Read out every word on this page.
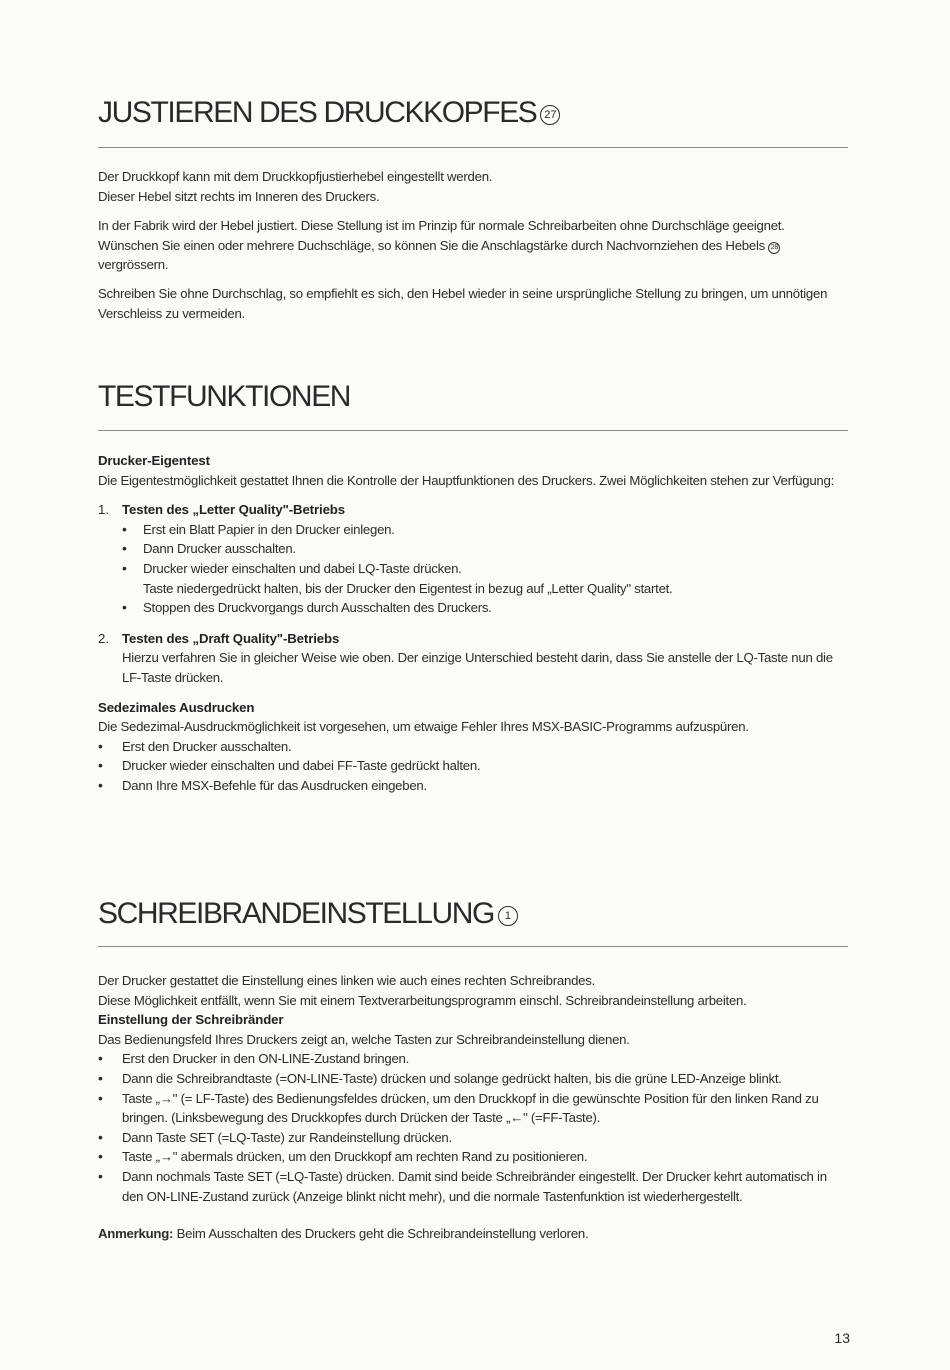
JUSTIEREN DES DRUCKKOPFES 27

Der Druckkopf kann mit dem Druckkopfjustierhebel eingestellt werden.

Dieser Hebel sitzt rechts im Inneren des Druckers.

In der Fabrik wird der Hebel justiert. Diese Stellung ist im Prinzip für normale Schreibarbeiten ohne Durchschläge geeignet. Wünschen Sie einen oder mehrere Duchschläge, so können Sie die Anschlagstärke durch Nachvornziehen des Hebels 28 vergrössern.

Schreiben Sie ohne Durchschlag, so empfiehlt es sich, den Hebel wieder in seine ursprüngliche Stellung zu bringen, um unnötigen Verschleiss zu vermeiden.

TESTFUNKTIONEN
Drucker-Eigentest

Die Eigentestmöglichkeit gestattet Ihnen die Kontrolle der Hauptfunktionen des Druckers. Zwei Möglichkeiten stehen zur Verfügung:

1. Testen des „Letter Quality"-Betriebs
• Erst ein Blatt Papier in den Drucker einlegen.
• Dann Drucker ausschalten.
• Drucker wieder einschalten und dabei LQ-Taste drücken.
Taste niedergedrückt halten, bis der Drucker den Eigentest in bezug auf „Letter Quality" startet.
• Stoppen des Druckvorgangs durch Ausschalten des Druckers.
2. Testen des „Draft Quality"-Betriebs

Hierzu verfahren Sie in gleicher Weise wie oben. Der einzige Unterschied besteht darin, dass Sie anstelle der LQ-Taste nun die LF-Taste drücken.

Sedezimales Ausdrucken

Die Sedezimal-Ausdruckmöglichkeit ist vorgesehen, um etwaige Fehler Ihres MSX-BASIC-Programms aufzuspüren.

• Erst den Drucker ausschalten.
• Drucker wieder einschalten und dabei FF-Taste gedrückt halten.
• Dann Ihre MSX-Befehle für das Ausdrucken eingeben.
SCHREIBRANDEINSTELLUNG 1

Der Drucker gestattet die Einstellung eines linken wie auch eines rechten Schreibrandes.

Diese Möglichkeit entfällt, wenn Sie mit einem Textverarbeitungsprogramm einschl. Schreibrandeinstellung arbeiten.

Einstellung der Schreibränder

Das Bedienungsfeld Ihres Druckers zeigt an, welche Tasten zur Schreibrandeinstellung dienen.

• Erst den Drucker in den ON-LINE-Zustand bringen.
• Dann die Schreibrandtaste (=ON-LINE-Taste) drücken und solange gedrückt halten, bis die grüne LED-Anzeige blinkt.
• Taste „→" (= LF-Taste) des Bedienungsfeldes drücken, um den Druckkopf in die gewünschte Position für den linken Rand zu bringen. (Linksbewegung des Druckkopfes durch Drücken der Taste „←" (=FF-Taste).
• Dann Taste SET (=LQ-Taste) zur Randeinstellung drücken.
• Taste „→" abermals drücken, um den Druckkopf am rechten Rand zu positionieren.
• Dann nochmals Taste SET (=LQ-Taste) drücken. Damit sind beide Schreibränder eingestellt. Der Drucker kehrt automatisch in den ON-LINE-Zustand zurück (Anzeige blinkt nicht mehr), und die normale Tastenfunktion ist wiederhergestellt.

Anmerkung: Beim Ausschalten des Druckers geht die Schreibrandeinstellung verloren.

13
